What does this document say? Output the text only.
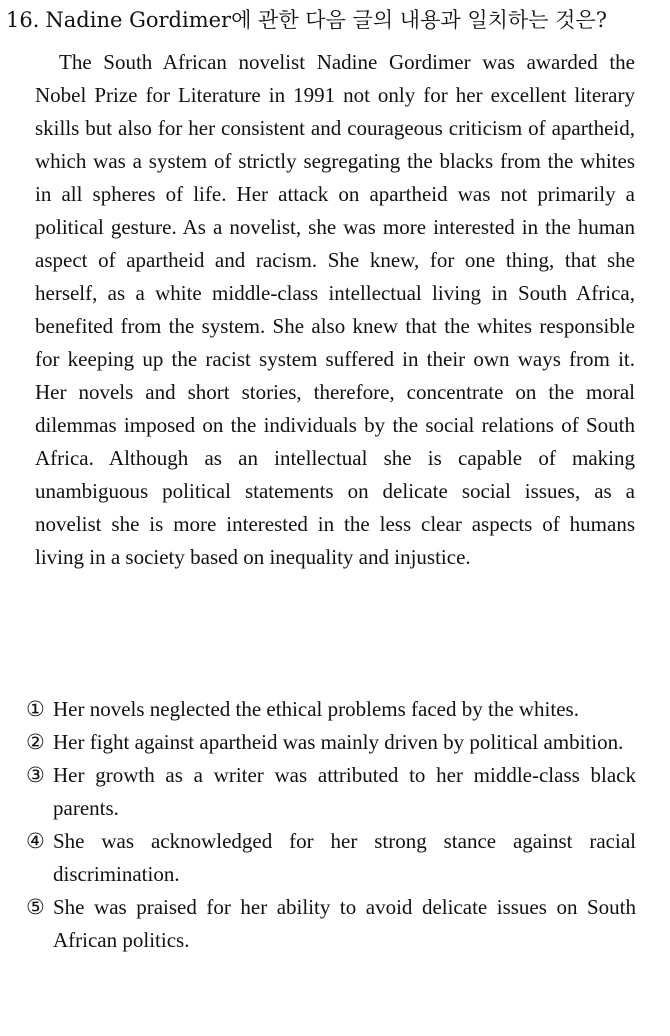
16. Nadine Gordimer에 관한 다음 글의 내용과 일치하는 것은?

The South African novelist Nadine Gordimer was awarded the Nobel Prize for Literature in 1991 not only for her excellent literary skills but also for her consistent and courageous criticism of apartheid, which was a system of strictly segregating the blacks from the whites in all spheres of life. Her attack on apartheid was not primarily a political gesture. As a novelist, she was more interested in the human aspect of apartheid and racism. She knew, for one thing, that she herself, as a white middle-class intellectual living in South Africa, benefited from the system. She also knew that the whites responsible for keeping up the racist system suffered in their own ways from it. Her novels and short stories, therefore, concentrate on the moral dilemmas imposed on the individuals by the social relations of South Africa. Although as an intellectual she is capable of making unambiguous political statements on delicate social issues, as a novelist she is more interested in the less clear aspects of humans living in a society based on inequality and injustice.

① Her novels neglected the ethical problems faced by the whites.
② Her fight against apartheid was mainly driven by political ambition.
③ Her growth as a writer was attributed to her middle-class black parents.
④ She was acknowledged for her strong stance against racial discrimination.
⑤ She was praised for her ability to avoid delicate issues on South African politics.
